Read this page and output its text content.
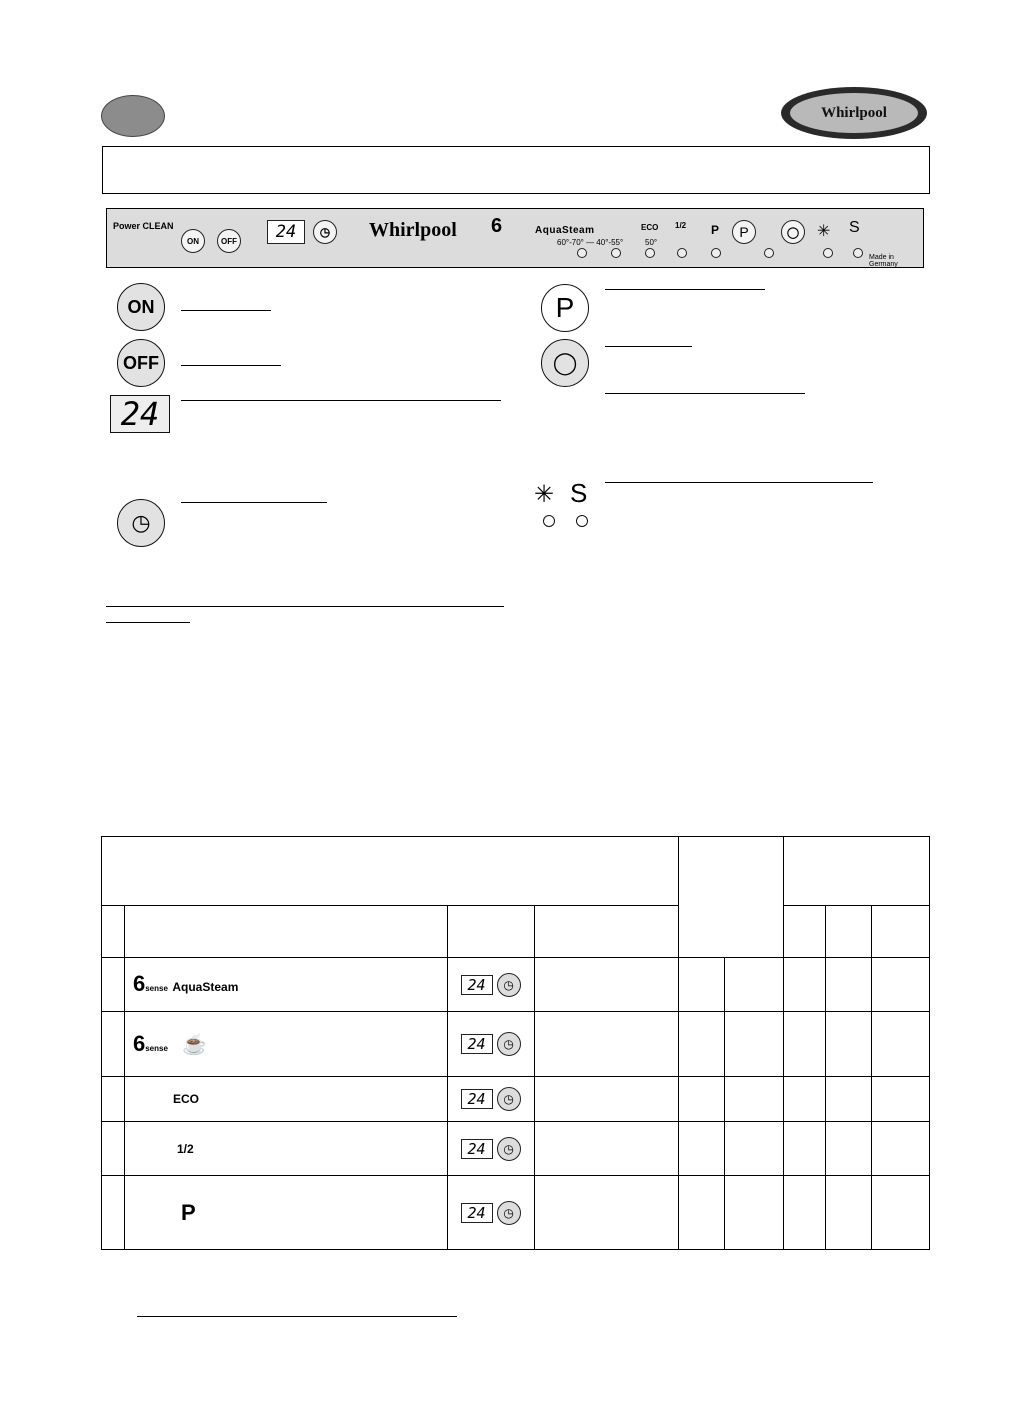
Whirlpool
Power CLEAN
ON	OFF	24	◷	Whirlpool 6	AquaSteam
60°-70° — 40°-55°
ECO
50°
1/2 P	P	◯	✳ S
Made in Germany
ON
OFF
24
◷
P
◯
✳ S

	6sense AquaSteam	24 ◷						
	6sense ☕	24 ◷						
	ECO	24 ◷						
	1/2	24 ◷						
	P	24 ◷						
